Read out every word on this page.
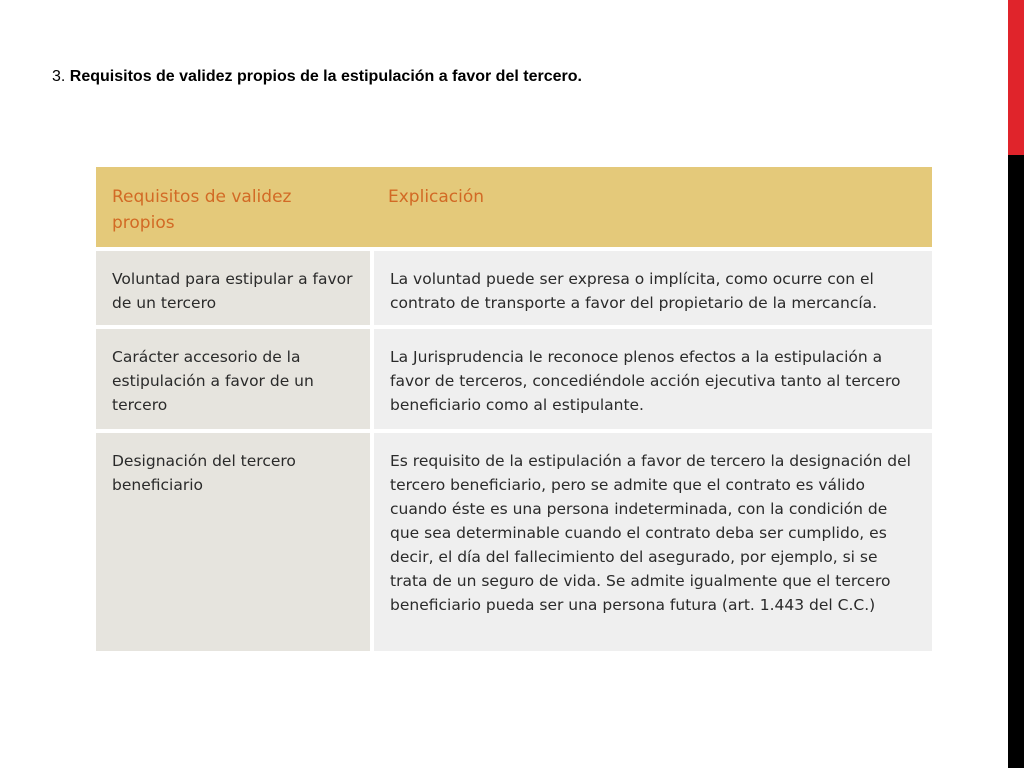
3. Requisitos de validez propios de la estipulación a favor del tercero.
Requisitos de validez propios
Explicación
Voluntad para estipular a favor de un tercero
La voluntad puede ser expresa o implícita, como ocurre con el contrato de transporte a favor del propietario de la mercancía.
Carácter accesorio de la estipulación a favor de un tercero
La Jurisprudencia le reconoce plenos efectos a la estipulación a favor de terceros, concediéndole acción ejecutiva tanto al tercero beneficiario como al estipulante.
Designación del tercero beneficiario
Es requisito de la estipulación a favor de tercero la designación del tercero beneficiario, pero se admite que el contrato es válido cuando éste es una persona indeterminada, con la condición de que sea determinable cuando el contrato deba ser cumplido, es decir, el día del fallecimiento del asegurado, por ejemplo, si se trata de un seguro de vida. Se admite igualmente que el tercero beneficiario pueda ser una persona futura (art. 1.443 del C.C.)
